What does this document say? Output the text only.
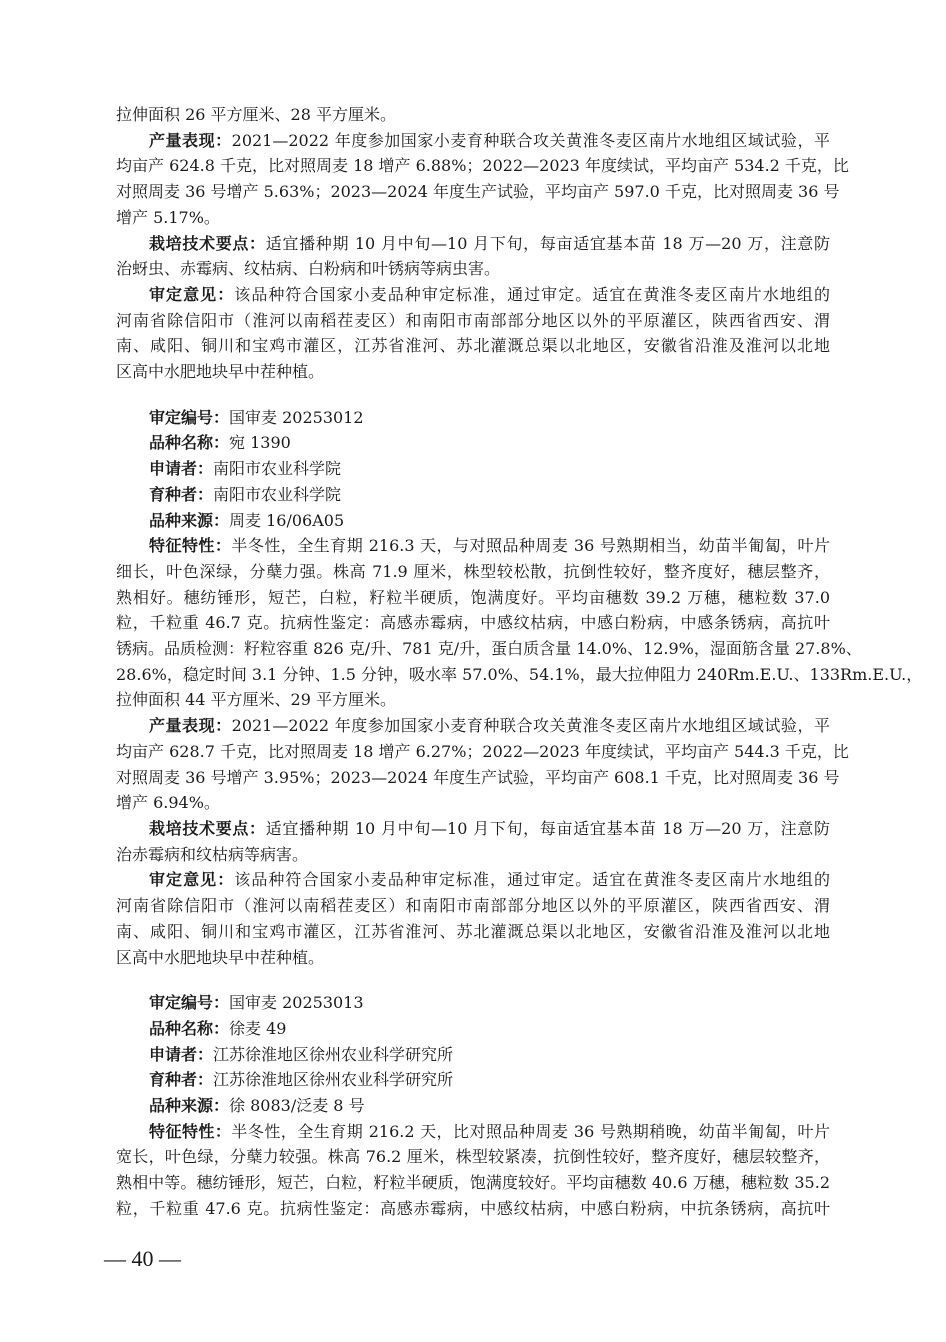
拉伸面积 26 平方厘米、28 平方厘米。
产量表现：2021—2022 年度参加国家小麦育种联合攻关黄淮冬麦区南片水地组区域试验，平
均亩产 624.8 千克，比对照周麦 18 增产 6.88%；2022—2023 年度续试，平均亩产 534.2 千克，比
对照周麦 36 号增产 5.63%；2023—2024 年度生产试验，平均亩产 597.0 千克，比对照周麦 36 号
增产 5.17%。
栽培技术要点：适宜播种期 10 月中旬—10 月下旬，每亩适宜基本苗 18 万—20 万，注意防
治蚜虫、赤霉病、纹枯病、白粉病和叶锈病等病虫害。
审定意见：该品种符合国家小麦品种审定标准，通过审定。适宜在黄淮冬麦区南片水地组的
河南省除信阳市（淮河以南稻茬麦区）和南阳市南部部分地区以外的平原灌区，陕西省西安、渭
南、咸阳、铜川和宝鸡市灌区，江苏省淮河、苏北灌溉总渠以北地区，安徽省沿淮及淮河以北地
区高中水肥地块早中茬种植。
审定编号：国审麦 20253012
品种名称：宛 1390
申请者：南阳市农业科学院
育种者：南阳市农业科学院
品种来源：周麦 16/06A05
特征特性：半冬性，全生育期 216.3 天，与对照品种周麦 36 号熟期相当，幼苗半匍匐，叶片
细长，叶色深绿，分蘖力强。株高 71.9 厘米，株型较松散，抗倒性较好，整齐度好，穗层整齐，
熟相好。穗纺锤形，短芒，白粒，籽粒半硬质，饱满度好。平均亩穗数 39.2 万穗，穗粒数 37.0
粒，千粒重 46.7 克。抗病性鉴定：高感赤霉病，中感纹枯病，中感白粉病，中感条锈病，高抗叶
锈病。品质检测：籽粒容重 826 克/升、781 克/升，蛋白质含量 14.0%、12.9%，湿面筋含量 27.8%、
28.6%，稳定时间 3.1 分钟、1.5 分钟，吸水率 57.0%、54.1%，最大拉伸阻力 240Rm.E.U.、133Rm.E.U.，
拉伸面积 44 平方厘米、29 平方厘米。
产量表现：2021—2022 年度参加国家小麦育种联合攻关黄淮冬麦区南片水地组区域试验，平
均亩产 628.7 千克，比对照周麦 18 增产 6.27%；2022—2023 年度续试，平均亩产 544.3 千克，比
对照周麦 36 号增产 3.95%；2023—2024 年度生产试验，平均亩产 608.1 千克，比对照周麦 36 号
增产 6.94%。
栽培技术要点：适宜播种期 10 月中旬—10 月下旬，每亩适宜基本苗 18 万—20 万，注意防
治赤霉病和纹枯病等病害。
审定意见：该品种符合国家小麦品种审定标准，通过审定。适宜在黄淮冬麦区南片水地组的
河南省除信阳市（淮河以南稻茬麦区）和南阳市南部部分地区以外的平原灌区，陕西省西安、渭
南、咸阳、铜川和宝鸡市灌区，江苏省淮河、苏北灌溉总渠以北地区，安徽省沿淮及淮河以北地
区高中水肥地块早中茬种植。
审定编号：国审麦 20253013
品种名称：徐麦 49
申请者：江苏徐淮地区徐州农业科学研究所
育种者：江苏徐淮地区徐州农业科学研究所
品种来源：徐 8083/泛麦 8 号
特征特性：半冬性，全生育期 216.2 天，比对照品种周麦 36 号熟期稍晚，幼苗半匍匐，叶片
宽长，叶色绿，分蘖力较强。株高 76.2 厘米，株型较紧凑，抗倒性较好，整齐度好，穗层较整齐，
熟相中等。穗纺锤形，短芒，白粒，籽粒半硬质，饱满度较好。平均亩穗数 40.6 万穗，穗粒数 35.2
粒，千粒重 47.6 克。抗病性鉴定：高感赤霉病，中感纹枯病，中感白粉病，中抗条锈病，高抗叶
— 40 —
